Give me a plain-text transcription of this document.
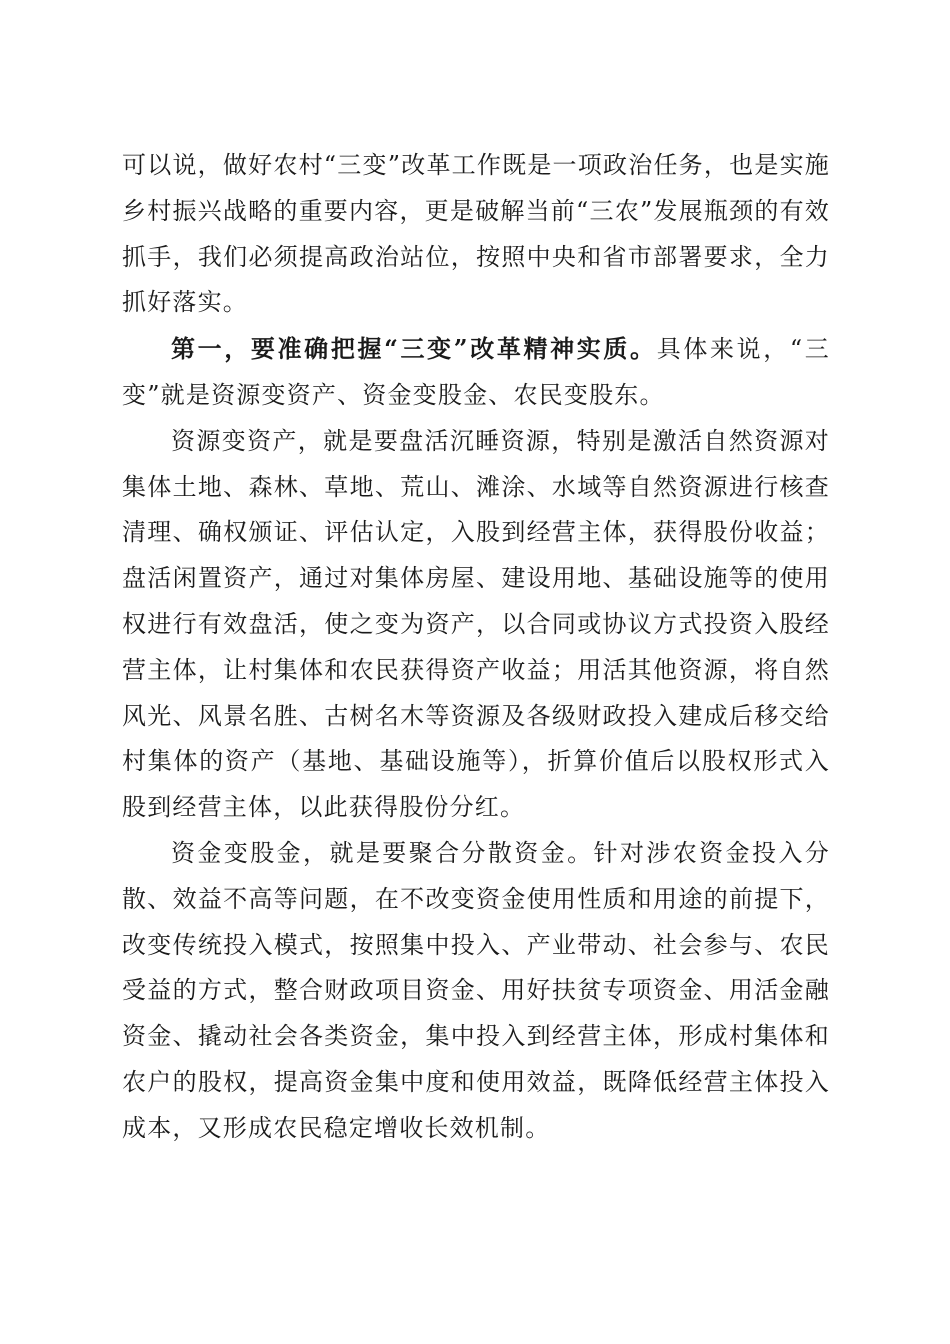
可以说，做好农村“三变”改革工作既是一项政治任务，也是实施乡村振兴战略的重要内容，更是破解当前“三农”发展瓶颈的有效抓手，我们必须提高政治站位，按照中央和省市部署要求，全力抓好落实。

第一，要准确把握“三变”改革精神实质。具体来说，“三变”就是资源变资产、资金变股金、农民变股东。

资源变资产，就是要盘活沉睡资源，特别是激活自然资源对集体土地、森林、草地、荒山、滩涂、水域等自然资源进行核查清理、确权颁证、评估认定，入股到经营主体，获得股份收益；盘活闲置资产，通过对集体房屋、建设用地、基础设施等的使用权进行有效盘活，使之变为资产，以合同或协议方式投资入股经营主体，让村集体和农民获得资产收益；用活其他资源，将自然风光、风景名胜、古树名木等资源及各级财政投入建成后移交给村集体的资产（基地、基础设施等），折算价值后以股权形式入股到经营主体，以此获得股份分红。

资金变股金，就是要聚合分散资金。针对涉农资金投入分散、效益不高等问题，在不改变资金使用性质和用途的前提下，改变传统投入模式，按照集中投入、产业带动、社会参与、农民受益的方式，整合财政项目资金、用好扶贫专项资金、用活金融资金、撬动社会各类资金，集中投入到经营主体，形成村集体和农户的股权，提高资金集中度和使用效益，既降低经营主体投入成本，又形成农民稳定增收长效机制。
